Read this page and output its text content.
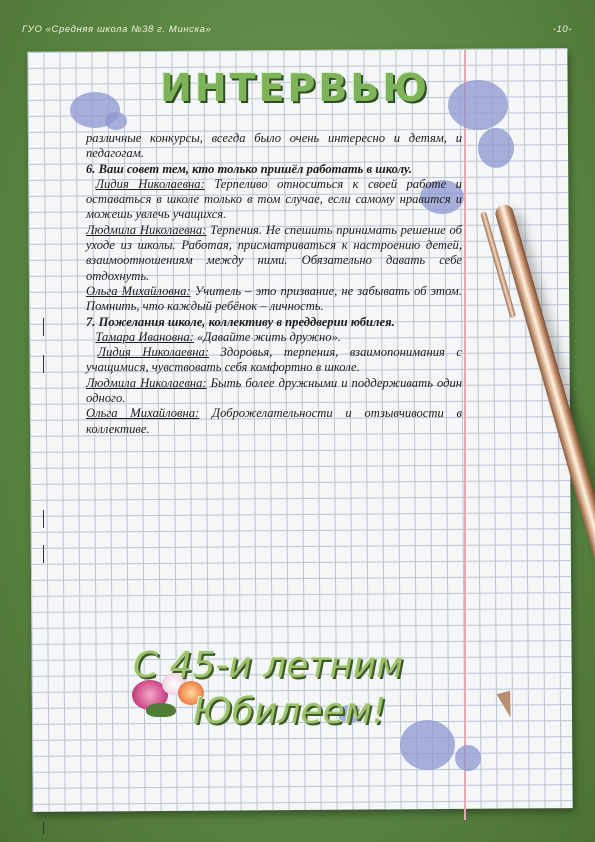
ГУО «Средняя школа №38 г. Минска»	-10-
ИНТЕРВЬЮ

различные конкурсы, всегда было очень интересно и детям, и педагогам.

6. Ваш совет тем, кто только пришёл работать в школу.

Лидия Николаевна: Терпеливо относиться к своей работе и оставаться в школе только в том случае, если самому нравится и можешь увлечь учащихся.

Людмила Николаевна: Терпения. Не спешить принимать решение об уходе из школы. Работая, присматриваться к настроению детей, взаимоотношениям между ними. Обязательно давать себе отдохнуть.

Ольга Михайловна: Учитель – это призвание, не забывать об этом. Помнить, что каждый ребёнок – личность.

7. Пожелания школе, коллективу в преддверии юбилея.

Тамара Ивановна: «Давайте жить дружно».

Лидия Николаевна: Здоровья, терпения, взаимопонимания с учащимися, чувствовать себя комфортно в школе.

Людмила Николаевна: Быть более дружными и поддерживать один одного.

Ольга Михайловна: Доброжелательности и отзывчивости в коллективе.

С 45-и летним
Юбилеем!
